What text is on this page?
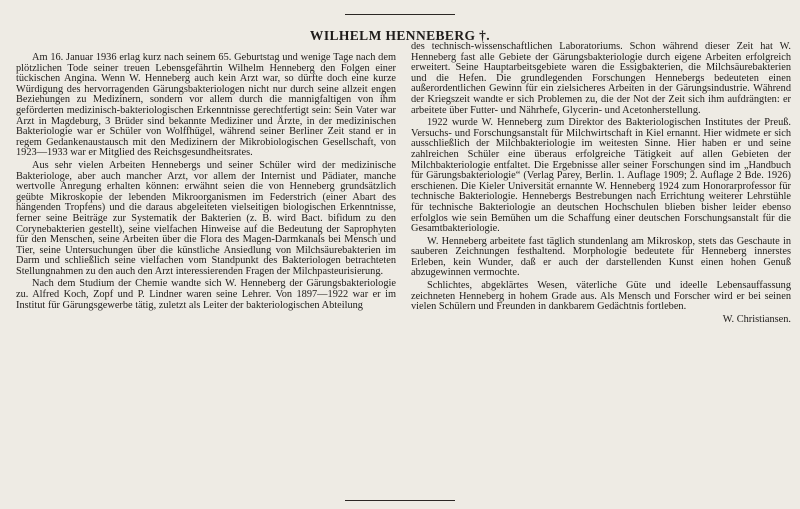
WILHELM HENNEBERG †.

Am 16. Januar 1936 erlag kurz nach seinem 65. Geburtstag und wenige Tage nach dem plötzlichen Tode seiner treuen Lebensgefährtin Wilhelm Henneberg den Folgen einer tückischen Angina. Wenn W. Henneberg auch kein Arzt war, so dürfte doch eine kurze Würdigung des hervorragenden Gärungsbakteriologen nicht nur durch seine allzeit engen Beziehungen zu Medizinern, sondern vor allem durch die mannigfaltigen von ihm geförderten medizinisch-bakteriologischen Erkenntnisse gerechtfertigt sein: Sein Vater war Arzt in Magdeburg, 3 Brüder sind bekannte Mediziner und Ärzte, in der medizinischen Bakteriologie war er Schüler von Wolffhügel, während seiner Berliner Zeit stand er in regem Gedankenaustausch mit den Medizinern der Mikrobiologischen Gesellschaft, von 1923—1933 war er Mitglied des Reichsgesundheitsrates.

Aus sehr vielen Arbeiten Hennebergs und seiner Schüler wird der medizinische Bakteriologe, aber auch mancher Arzt, vor allem der Internist und Pädiater, manche wertvolle Anregung erhalten können: erwähnt seien die von Henneberg grundsätzlich geübte Mikroskopie der lebenden Mikroorganismen im Federstrich (einer Abart des hängenden Tropfens) und die daraus abgeleiteten vielseitigen biologischen Erkenntnisse, ferner seine Beiträge zur Systematik der Bakterien (z. B. wird Bact. bifidum zu den Corynebakterien gestellt), seine vielfachen Hinweise auf die Bedeutung der Saprophyten für den Menschen, seine Arbeiten über die Flora des Magen-Darmkanals bei Mensch und Tier, seine Untersuchungen über die künstliche Ansiedlung von Milchsäurebakterien im Darm und schließlich seine vielfachen vom Standpunkt des Bakteriologen betrachteten Stellungnahmen zu den auch den Arzt interessierenden Fragen der Milchpasteurisierung.

Nach dem Studium der Chemie wandte sich W. Henneberg der Gärungsbakteriologie zu. Alfred Koch, Zopf und P. Lindner waren seine Lehrer. Von 1897—1922 war er im Institut für Gärungsgewerbe tätig, zuletzt als Leiter der bakteriologischen Abteilung

des technisch-wissenschaftlichen Laboratoriums. Schon während dieser Zeit hat W. Henneberg fast alle Gebiete der Gärungsbakteriologie durch eigene Arbeiten erfolgreich erweitert. Seine Hauptarbeitsgebiete waren die Essigbakterien, die Milchsäurebakterien und die Hefen. Die grundlegenden Forschungen Hennebergs bedeuteten einen außerordentlichen Gewinn für ein zielsicheres Arbeiten in der Gärungsindustrie. Während der Kriegszeit wandte er sich Problemen zu, die der Not der Zeit sich ihm aufdrängten: er arbeitete über Futter- und Nährhefe, Glycerin- und Acetonherstellung.

1922 wurde W. Henneberg zum Direktor des Bakteriologischen Institutes der Preuß. Versuchs- und Forschungsanstalt für Milchwirtschaft in Kiel ernannt. Hier widmete er sich ausschließlich der Milchbakteriologie im weitesten Sinne. Hier haben er und seine zahlreichen Schüler eine überaus erfolgreiche Tätigkeit auf allen Gebieten der Milchbakteriologie entfaltet. Die Ergebnisse aller seiner Forschungen sind im „Handbuch für Gärungsbakteriologie“ (Verlag Parey, Berlin. 1. Auflage 1909; 2. Auflage 2 Bde. 1926) erschienen. Die Kieler Universität ernannte W. Henneberg 1924 zum Honorarprofessor für technische Bakteriologie. Hennebergs Bestrebungen nach Errichtung weiterer Lehrstühle für technische Bakteriologie an deutschen Hochschulen blieben bisher leider ebenso erfolglos wie sein Bemühen um die Schaffung einer deutschen Forschungsanstalt für die Gesamtbakteriologie.

W. Henneberg arbeitete fast täglich stundenlang am Mikroskop, stets das Geschaute in sauberen Zeichnungen festhaltend. Morphologie bedeutete für Henneberg innerstes Erleben, kein Wunder, daß er auch der darstellenden Kunst einen hohen Genuß abzugewinnen vermochte.

Schlichtes, abgeklärtes Wesen, väterliche Güte und ideelle Lebensauffassung zeichneten Henneberg in hohem Grade aus. Als Mensch und Forscher wird er bei seinen vielen Schülern und Freunden in dankbarem Gedächtnis fortleben.

W. Christiansen.
